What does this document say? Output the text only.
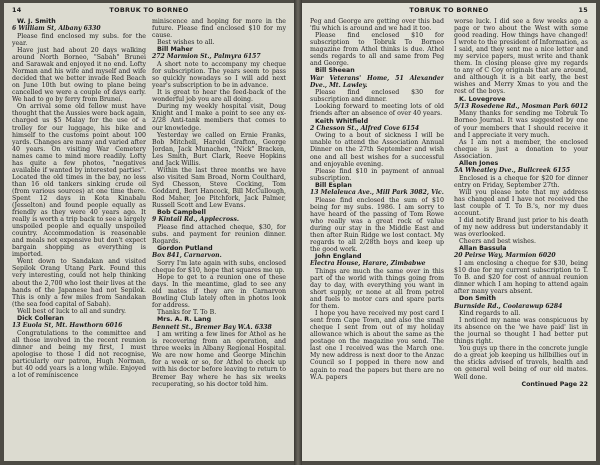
14	TOBRUK TO BORNEO

W. J. Smith

6 William St, Albany 6330

Please find enclosed my subs. for the year.

Have just had about 20 days walking around North Borneo, "Sabah" Brunei and Sarawak and enjoyed it no end. Lofty Norman and his wife and myself and wife decided that we better invade Red Beach on June 10th but owing to plane being cancelled we were a couple of days early. We had to go by ferry from Brunei.

On arrival some old fellow must have thought that the Aussies were back again, charged us $5 Malay for the use of a trolley for our luggage, his bike and himself to the customs point about 100 yards. Changes are many and varied after 40 years. On visiting War Cemetery names came to mind more readily. Lofty has quite a few photos, "negatives available if wanted by interested parties". Located the old times in the bay, no less than 16 old tankers sinking crude oil (from various sources) at one time there. Spent 12 days in Kota Kinabalu (Jesselton) and found people equally as friendly as they were 40 years ago. It really is worth a trip back to see a largely unspoiled people and equally unspoiled country. Accommodation is reasonable and meals not expensive but don't expect bargain shopping as everything is imported.

Went down to Sandakan and visited Sepilok Orang Utang Park. Found this very interesting, could not help thinking about the 2,700 who lost their lives at the hands of the Japanese had not Sepilok. This is only a few miles from Sandakan (the sea food capital of Sabah).

Well best of luck to all and sundry.

Dick Colleran

13 Euola St, Mt. Hawthorn 6016

Congratulations to the committee and all those involved in the recent reunion dinner and being my first, I must apologise to those I did not recognise, particularly our patron, Hugh Norman, but 40 odd years is a long while. Enjoyed a lot of reminiscence

miniscence and hoping for more in the future. Please find enclosed $10 for my cause.

Best wishes to all.

Bill Maher

272 Marmion St., Palmyra 6157

A short note to accompany my cheque for subscription. The years seem to pass so quickly nowadays so I will add next year's subscription to be in advance.

It is great to hear the feed-back of the wonderful job you are all doing.

During my weekly hospital visit, Doug Knight and I make a point to see any ex-2/28 Anti-tank members that comes to our knowledge.

Yesterday we called on Ernie Franks, Bob Mitchell, Harold Grafton, George Jordan, Jack Munachen, "Nick" Bracken, Les Smith, Burt Clark, Reeve Hopkins and Jack Willis.

Within the last three months we have also visited Sam Broad, Norm Coulthard, Syd Chesson, Steve Cocking, Tom Goddard, Bert Hancock, Bill McCullough, Rod Maher, Joe Pitchfork, Jack Palmer, Russell Scott and Lew Evans.

Bob Campbell

9 Kintail Rd., Applecross.

Please find attached cheque, $30, for subs. and payment for reunion dinner. Regards.

Gordon Putland

Box 841, Carnarvon.

Sorry I'm late again with subs, enclosed cheque for $10, hope that squares me up.

Hope to get to a reunion one of these days. In the meantime, glad to see any old mates if they are in Carnarvon Bowling Club lately often in photos look for address.

Thanks for T. To B.

Mrs. A. R. Lang

Bennett St., Bremer Bay W.A. 6338

I am writing a few lines for Athol as he is recovering from an operation, and three weeks in Albany Regional Hospital. We are now home and George Minchin for a week or so, for Athol to check up with his doctor before leaving to return to Bremer Bay where he has six weeks recuperating, so his doctor told him.

TOBRUK TO BORNEO	15

Peg and George are getting over this bad 'flu which is around and we had it too.

Please find enclosed $10 for subscription to Tobruk To Borneo magazine from Athol thinks is due. Athol sends regards to all and same from Peg and George.

Bill Sheean

War Veterans' Home, 51 Alexander Dve., Mt. Lawley.

Please find enclosed $30 for subscription and dinner.

Looking forward to meeting lots of old friends after an absence of over 40 years.

Keith Whitfield

2 Chesson St., Alfred Cove 6154

Owing to a bout of sickness I will be unable to attend the Association Annual Dinner on the 27th September and wish one and all best wishes for a successful and enjoyable evening.

Please find $10 in payment of annual subscription.

Bill Esplan

13 Melaleuca Ave., Mill Park 3082, Vic.

Please find enclosed the sum of $10 being for my subs. 1986. I am sorry to have heard of the passing of Tom Rowe who really was a great rock of value during our stay in the Middle East and then after Ruin Ridge we lost contact. My regards to all 2/28th boys and keep up the good work.

John England

Electra House, Harare, Zimbabwe

Things are much the same over in this part of the world with things going from day to day, with everything you want in short supply, or none at all from petrol and fuels to motor cars and spare parts for them.

I hope you have received my post card I sent from Cape Town, and also the small cheque I sent from out of my holiday allowance which is about the same as the postage on the magazine you send. The last one I received was the March one. My new address is next door to the Anzac Council so I popped in there now and again to read the papers but there are no W.A. papers

worse luck. I did see a few weeks ago a page or two about the West with some good reading. How things have changed! I wrote to the president of Information, as I said, and they sent me a nice letter and my service papers, must write and thank them. In closing please give my regards to any of C Coy originals that are around, and although it is a bit early, the best wishes and Merry Xmas to you and the rest of the boys.

K. Lovegrove

5/13 Rosedene Rd., Mosman Park 6012

Many thanks for sending me Tobruk To Borneo Journal. It was suggested by one of your members that I should receive it and I appreciate it very much.

As I am not a member, the enclosed cheque is just a donation to your Association.

Allen Jones

5A Wheatley Dve., Bullcreek 6155

Enclosed is a cheque for $20 for dinner entry on Friday, September 27th.

Will you please note that my address has changed and I have not received the last couple of T. To B.'s, nor my dues account.

I did notify Brand just prior to his death of my new address but understandably it was overlooked.

Cheers and best wishes.

Allan Bassula

20 Peirse Way, Marmion 6020

I am enclosing a cheque for $30, being $10 due for my current subscription to T. To B. and $20 for cost of annual reunion dinner which I am hoping to attend again after many years absent.

Don Smith

Burnside Rd., Coolarawup 6284

Kind regards to all.

I noticed my name was conspicuous by its absence on the 'we have paid' list in the journal so thought I had better put things right.

You guys up there in the concrete jungle do a great job keeping us hillbillies out in the sticks advised of travels, health and on general well being of our old mates. Well done.

Continued Page 22
